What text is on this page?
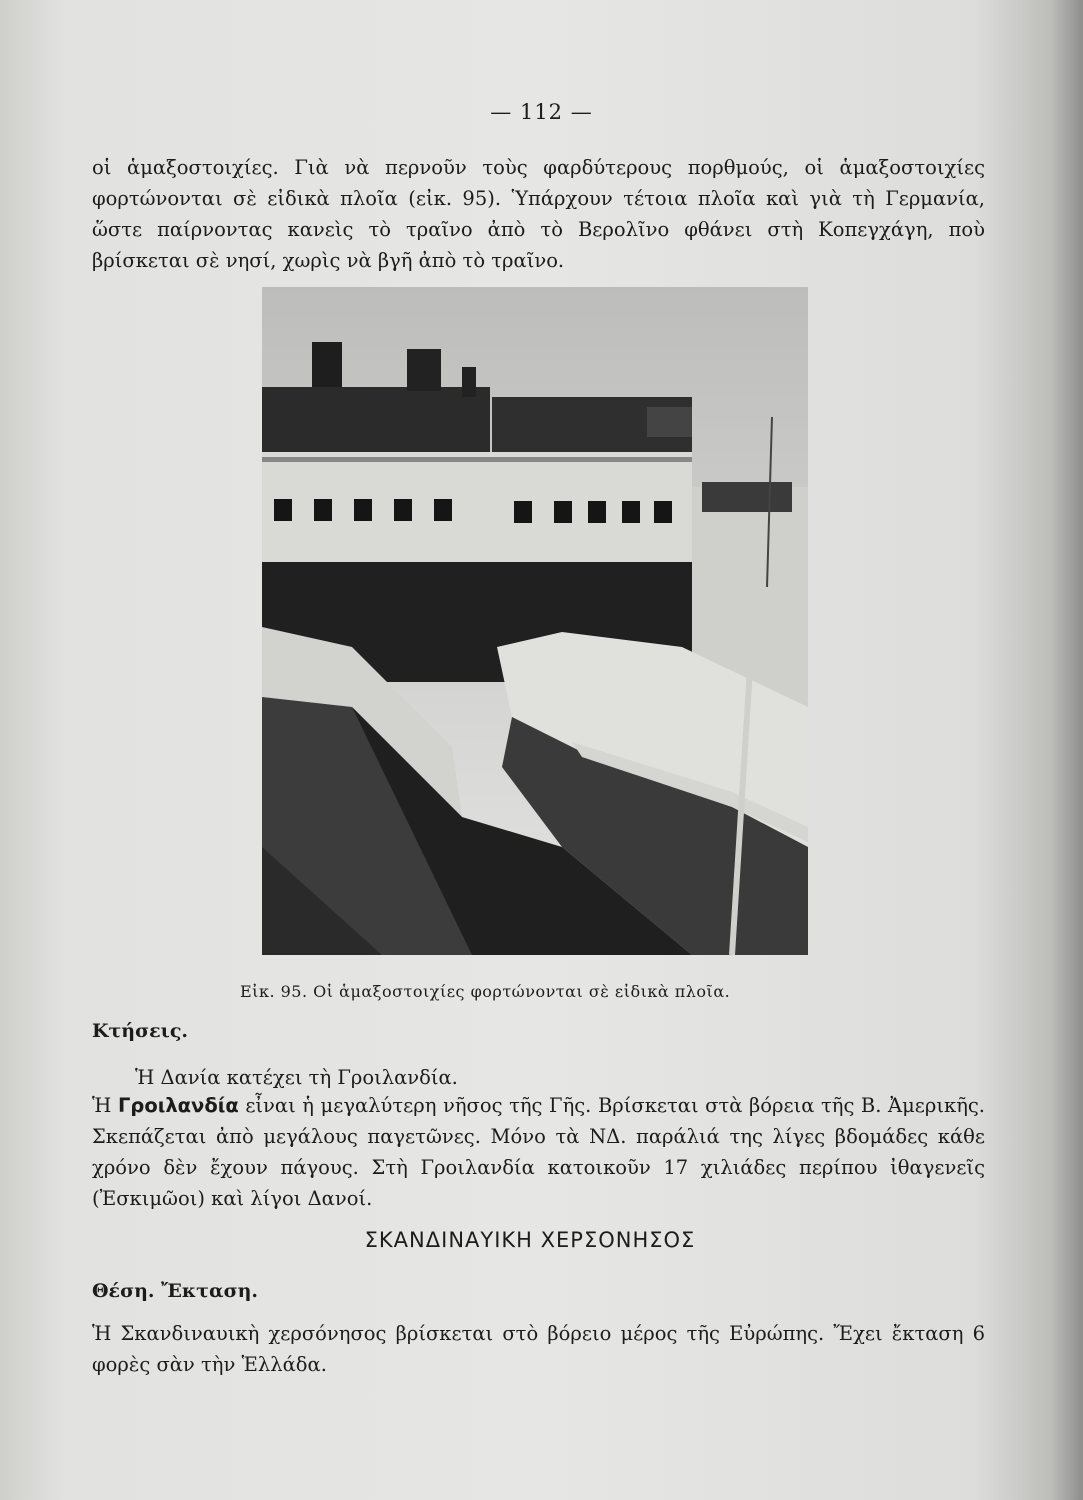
— 112 —
οἱ ἁμαξοστοιχίες. Γιὰ νὰ περνοῦν τοὺς φαρδύτερους πορθμούς, οἱ ἁμαξοστοιχίες φορτώνονται σὲ εἰδικὰ πλοῖα (εἰκ. 95). Ὑπάρχουν τέτοια πλοῖα καὶ γιὰ τὴ Γερμανία, ὥστε παίρνοντας κανεὶς τὸ τραῖνο ἀπὸ τὸ Βερολῖνο φθάνει στὴ Κοπεγχάγη, ποὺ βρίσκεται σὲ νησί, χωρὶς νὰ βγῆ ἀπὸ τὸ τραῖνο.
Εἰκ. 95. Οἱ ἁμαξοστοιχίες φορτώνονται σὲ εἰδικὰ πλοῖα.
Κτήσεις.
Ἡ Δανία κατέχει τὴ Γροιλανδία.
Ἡ Γροιλανδία εἶναι ἡ μεγαλύτερη νῆσος τῆς Γῆς. Βρίσκεται στὰ βόρεια τῆς Β. Ἀμερικῆς. Σκεπάζεται ἀπὸ μεγάλους παγετῶνες. Μόνο τὰ ΝΔ. παράλιά της λίγες βδομάδες κάθε χρόνο δὲν ἔχουν πάγους. Στὴ Γροιλανδία κατοικοῦν 17 χιλιάδες περίπου ἰθαγενεῖς (Ἐσκιμῶοι) καὶ λίγοι Δανοί.
ΣΚΑΝΔΙΝΑΥΙΚΗ ΧΕΡΣΟΝΗΣΟΣ
Θέση. Ἔκταση.
Ἡ Σκανδιναυικὴ χερσόνησος βρίσκεται στὸ βόρειο μέρος τῆς Εὐρώπης. Ἔχει ἔκταση 6 φορὲς σὰν τὴν Ἑλλάδα.
